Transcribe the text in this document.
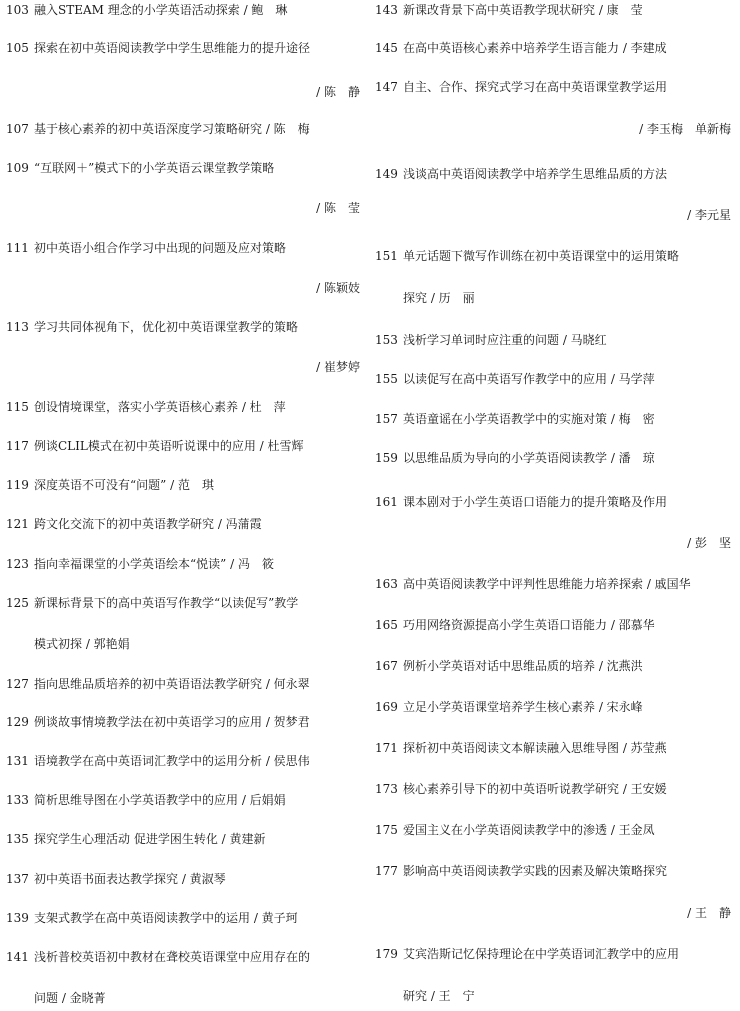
103 融入STEAM 理念的小学英语活动探索 / 鲍　琳
105 探索在初中英语阅读教学中学生思维能力的提升途径
/ 陈　静
107 基于核心素养的初中英语深度学习策略研究 / 陈　梅
109 “互联网＋”模式下的小学英语云课堂教学策略
/ 陈　莹
111 初中英语小组合作学习中出现的问题及应对策略
/ 陈颖妓
113 学习共同体视角下，优化初中英语课堂教学的策略
/ 崔梦婷
115 创设情境课堂，落实小学英语核心素养 / 杜　萍
117 例谈CLIL模式在初中英语听说课中的应用 / 杜雪辉
119 深度英语不可没有“问题” / 范　琪
121 跨文化交流下的初中英语教学研究 / 冯蒲霞
123 指向幸福课堂的小学英语绘本“悦读” / 冯　筱
125 新课标背景下的高中英语写作教学“以读促写”教学
模式初探 / 郭艳娟
127 指向思维品质培养的初中英语语法教学研究 / 何永翠
129 例谈故事情境教学法在初中英语学习的应用 / 贺梦君
131 语境教学在高中英语词汇教学中的运用分析 / 侯思伟
133 简析思维导图在小学英语教学中的应用 / 后娟娟
135 探究学生心理活动 促进学困生转化 / 黄建新
137 初中英语书面表达教学探究 / 黄淑琴
139 支架式教学在高中英语阅读教学中的运用 / 黄子珂
141 浅析普校英语初中教材在聋校英语课堂中应用存在的
问题 / 金晓菁
143 新课改背景下高中英语教学现状研究 / 康　莹
145 在高中英语核心素养中培养学生语言能力 / 李建成
147 自主、合作、探究式学习在高中英语课堂教学运用
/ 李玉梅　单新梅
149 浅谈高中英语阅读教学中培养学生思维品质的方法
/ 李元星
151 单元话题下微写作训练在初中英语课堂中的运用策略
探究 / 历　丽
153 浅析学习单词时应注重的问题 / 马晓红
155 以读促写在高中英语写作教学中的应用 / 马学萍
157 英语童谣在小学英语教学中的实施对策 / 梅　密
159 以思维品质为导向的小学英语阅读教学 / 潘　琼
161 课本剧对于小学生英语口语能力的提升策略及作用
/ 彭　坚
163 高中英语阅读教学中评判性思维能力培养探索 / 戚国华
165 巧用网络资源提高小学生英语口语能力 / 邵慕华
167 例析小学英语对话中思维品质的培养 / 沈燕洪
169 立足小学英语课堂培养学生核心素养 / 宋永峰
171 探析初中英语阅读文本解读融入思维导图 / 苏莹燕
173 核心素养引导下的初中英语听说教学研究 / 王安媛
175 爱国主义在小学英语阅读教学中的渗透 / 王金凤
177 影响高中英语阅读教学实践的因素及解决策略探究
/ 王　静
179 艾宾浩斯记忆保持理论在中学英语词汇教学中的应用
研究 / 王　宁
